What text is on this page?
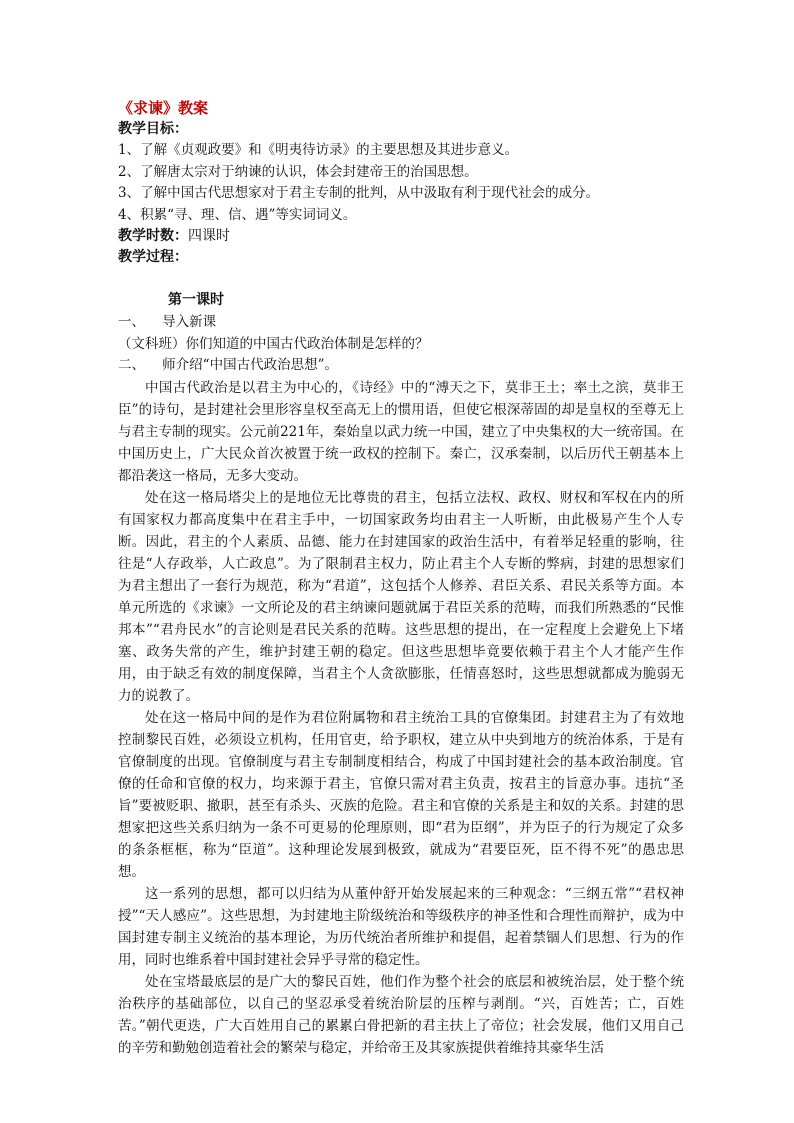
《求谏》教案

教学目标：

1、了解《贞观政要》和《明夷待访录》的主要思想及其进步意义。

2、了解唐太宗对于纳谏的认识，体会封建帝王的治国思想。

3、了解中国古代思想家对于君主专制的批判，从中汲取有利于现代社会的成分。

4、积累“寻、理、信、遇”等实词词义。

教学时数：四课时

教学过程：

第一课时

一、    导入新课

（文科班）你们知道的中国古代政治体制是怎样的？

二、    师介绍“中国古代政治思想”。

中国古代政治是以君主为中心的，《诗经》中的“溥天之下，莫非王土；率土之滨，莫非王臣”的诗句，是封建社会里形容皇权至高无上的惯用语，但使它根深蒂固的却是皇权的至尊无上与君主专制的现实。公元前221年，秦始皇以武力统一中国，建立了中央集权的大一统帝国。在中国历史上，广大民众首次被置于统一政权的控制下。秦亡，汉承秦制，以后历代王朝基本上都沿袭这一格局，无多大变动。

处在这一格局塔尖上的是地位无比尊贵的君主，包括立法权、政权、财权和军权在内的所有国家权力都高度集中在君主手中，一切国家政务均由君主一人听断，由此极易产生个人专断。因此，君主的个人素质、品德、能力在封建国家的政治生活中，有着举足轻重的影响，往往是“人存政举，人亡政息”。为了限制君主权力，防止君主个人专断的弊病，封建的思想家们为君主想出了一套行为规范，称为“君道”，这包括个人修养、君臣关系、君民关系等方面。本单元所选的《求谏》一文所论及的君主纳谏问题就属于君臣关系的范畴，而我们所熟悉的“民惟邦本”“君舟民水”的言论则是君民关系的范畴。这些思想的提出，在一定程度上会避免上下堵塞、政务失常的产生，维护封建王朝的稳定。但这些思想毕竟要依赖于君主个人才能产生作用，由于缺乏有效的制度保障，当君主个人贪欲膨胀，任情喜怒时，这些思想就都成为脆弱无力的说教了。

处在这一格局中间的是作为君位附属物和君主统治工具的官僚集团。封建君主为了有效地控制黎民百姓，必须设立机构，任用官吏，给予职权，建立从中央到地方的统治体系，于是有官僚制度的出现。官僚制度与君主专制制度相结合，构成了中国封建社会的基本政治制度。官僚的任命和官僚的权力，均来源于君主，官僚只需对君主负责，按君主的旨意办事。违抗“圣旨”要被贬职、撤职，甚至有杀头、灭族的危险。君主和官僚的关系是主和奴的关系。封建的思想家把这些关系归纳为一条不可更易的伦理原则，即“君为臣纲”，并为臣子的行为规定了众多的条条框框，称为“臣道”。这种理论发展到极致，就成为“君要臣死，臣不得不死”的愚忠思想。

这一系列的思想，都可以归结为从董仲舒开始发展起来的三种观念：“三纲五常”“君权神授”“天人感应”。这些思想，为封建地主阶级统治和等级秩序的神圣性和合理性而辩护，成为中国封建专制主义统治的基本理论，为历代统治者所维护和提倡，起着禁锢人们思想、行为的作用，同时也维系着中国封建社会异乎寻常的稳定性。

处在宝塔最底层的是广大的黎民百姓，他们作为整个社会的底层和被统治层，处于整个统治秩序的基础部位，以自己的坚忍承受着统治阶层的压榨与剥削。“兴，百姓苦；亡，百姓苦。”朝代更迭，广大百姓用自己的累累白骨把新的君主扶上了帝位；社会发展，他们又用自己的辛劳和勤勉创造着社会的繁荣与稳定，并给帝王及其家族提供着维持其豪华生活
